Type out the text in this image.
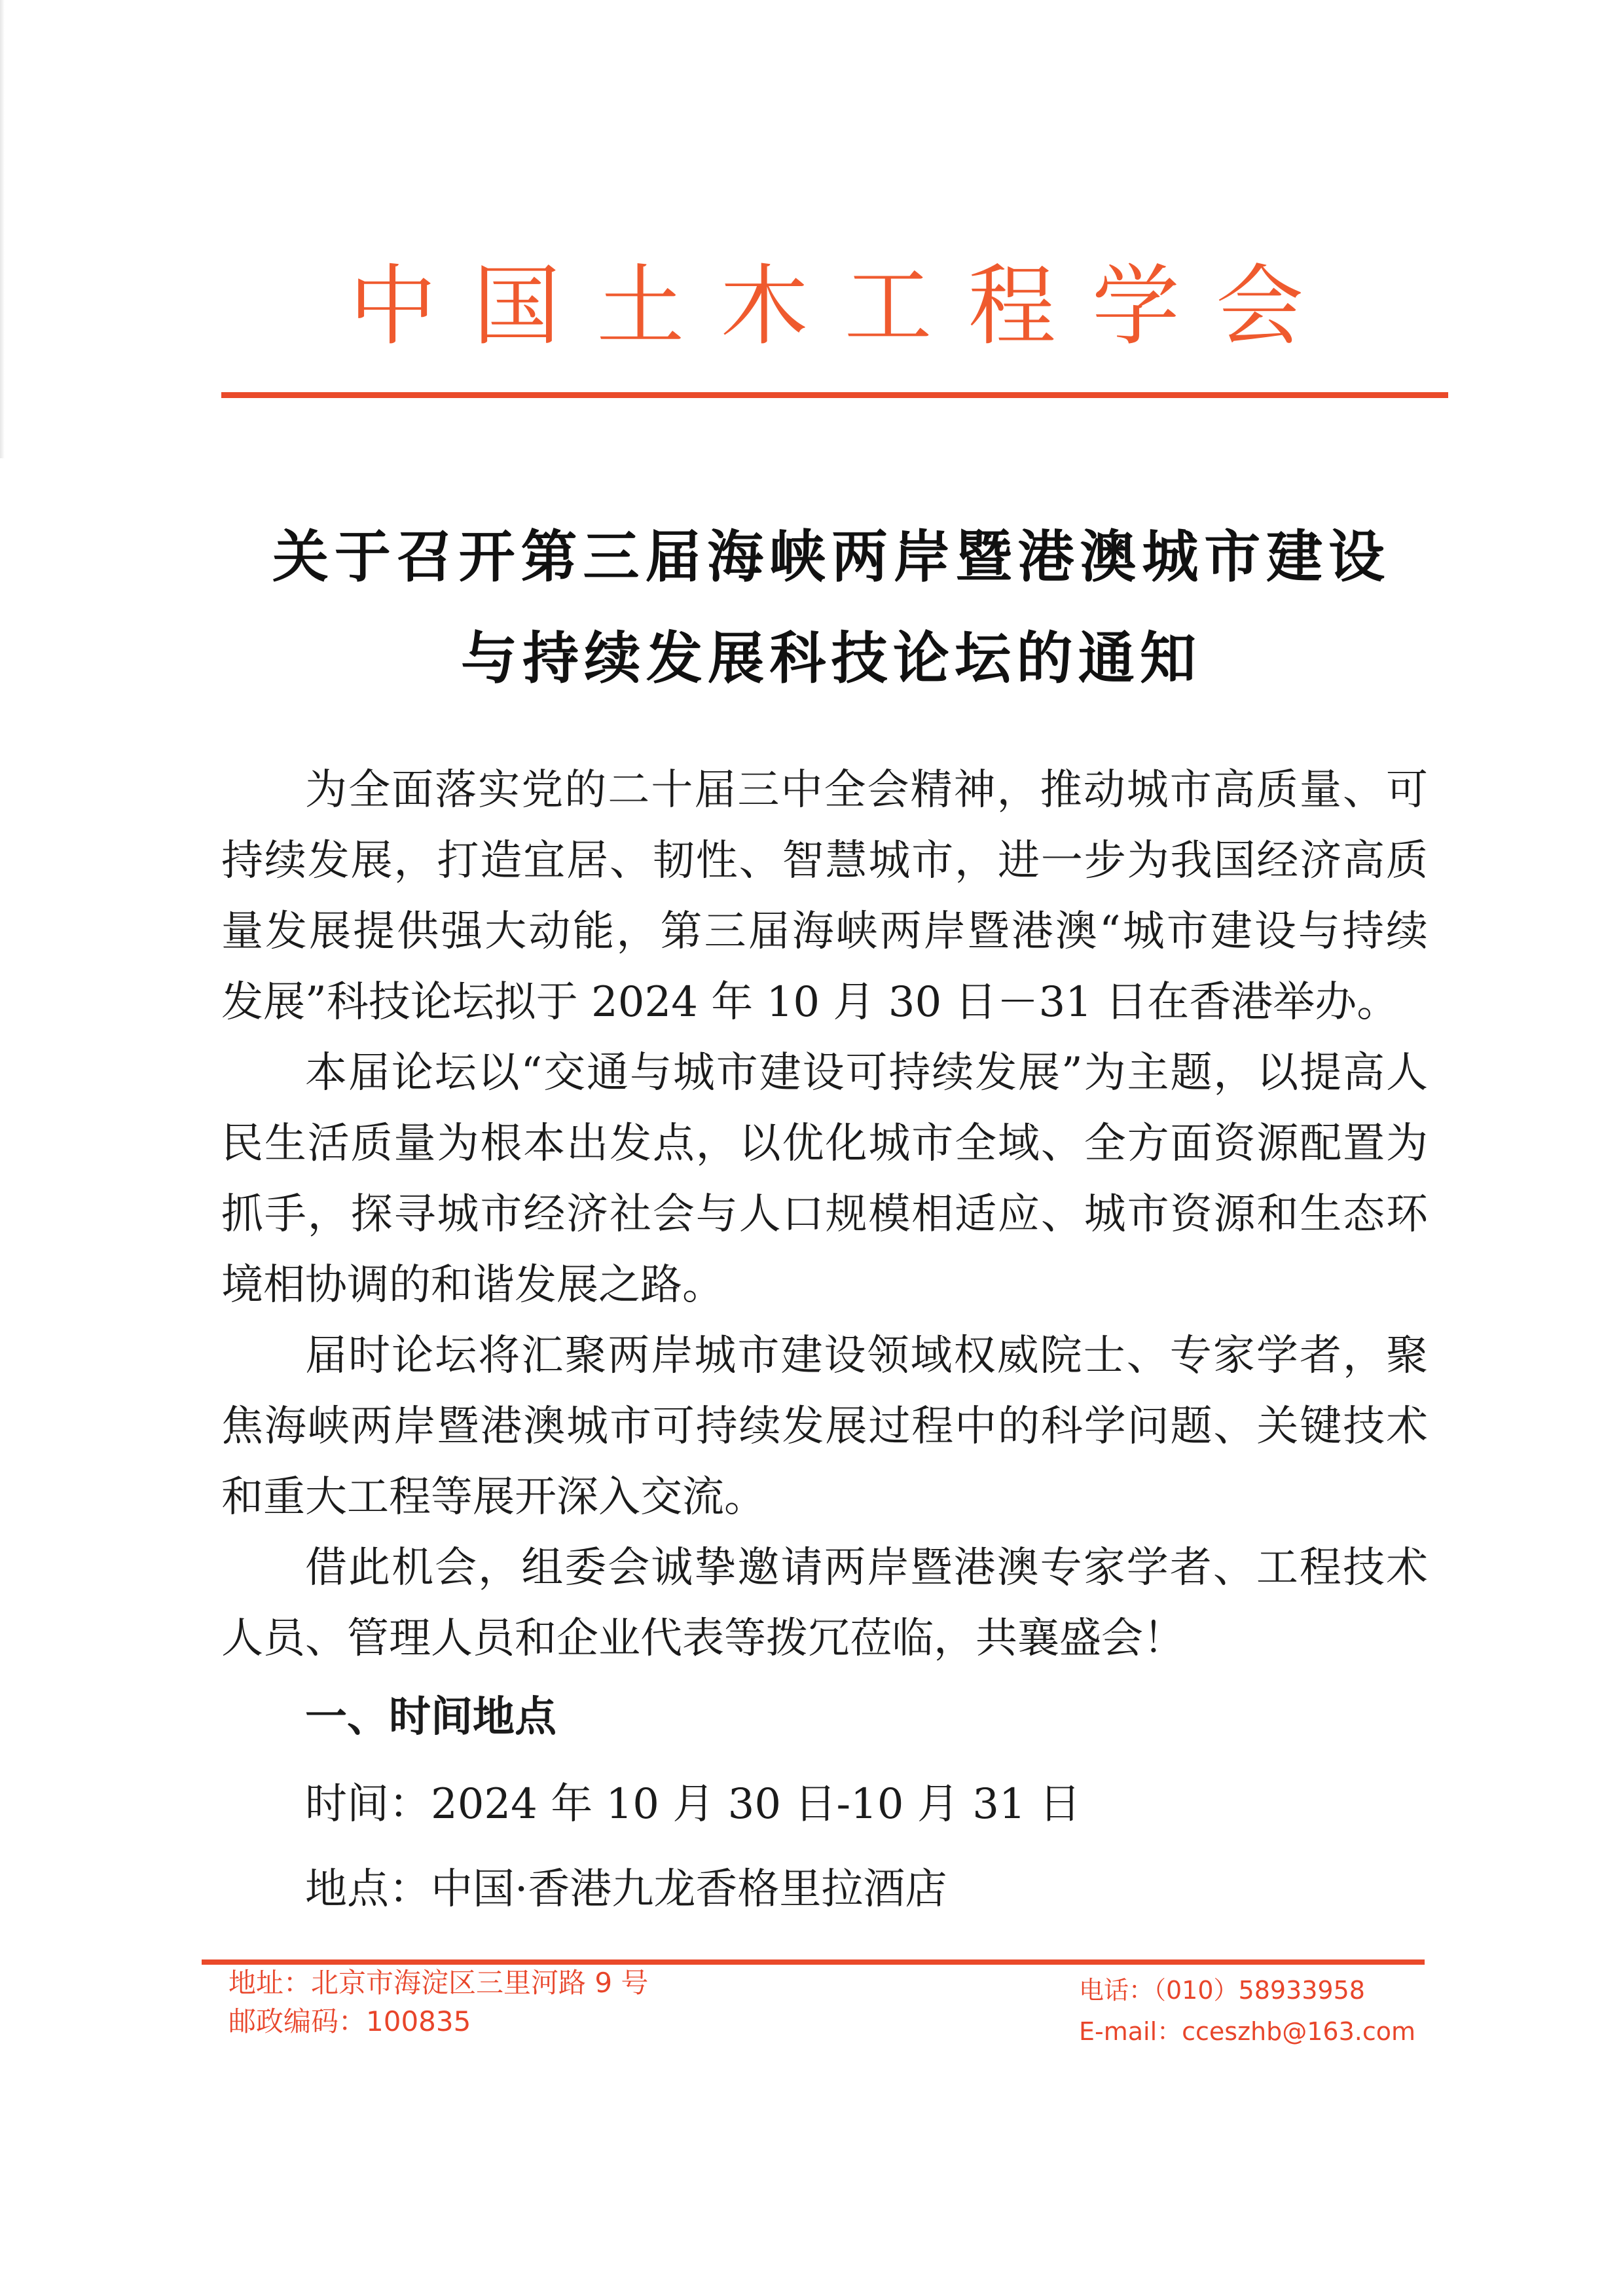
中国土木工程学会
关于召开第三届海峡两岸暨港澳城市建设
与持续发展科技论坛的通知
为全面落实党的二十届三中全会精神，推动城市高质量、可
持续发展，打造宜居、韧性、智慧城市，进一步为我国经济高质
量发展提供强大动能，第三届海峡两岸暨港澳“城市建设与持续
发展”科技论坛拟于 2024 年 10 月 30 日－31 日在香港举办。
本届论坛以“交通与城市建设可持续发展”为主题，以提高人
民生活质量为根本出发点，以优化城市全域、全方面资源配置为
抓手，探寻城市经济社会与人口规模相适应、城市资源和生态环
境相协调的和谐发展之路。
届时论坛将汇聚两岸城市建设领域权威院士、专家学者，聚
焦海峡两岸暨港澳城市可持续发展过程中的科学问题、关键技术
和重大工程等展开深入交流。
借此机会，组委会诚挚邀请两岸暨港澳专家学者、工程技术
人员、管理人员和企业代表等拨冗莅临，共襄盛会！
一、时间地点
时间：2024 年 10 月 30 日-10 月 31 日
地点：中国·香港九龙香格里拉酒店
地址：北京市海淀区三里河路 9 号
邮政编码：100835
电话：（010）58933958
E-mail：cceszhb@163.com
